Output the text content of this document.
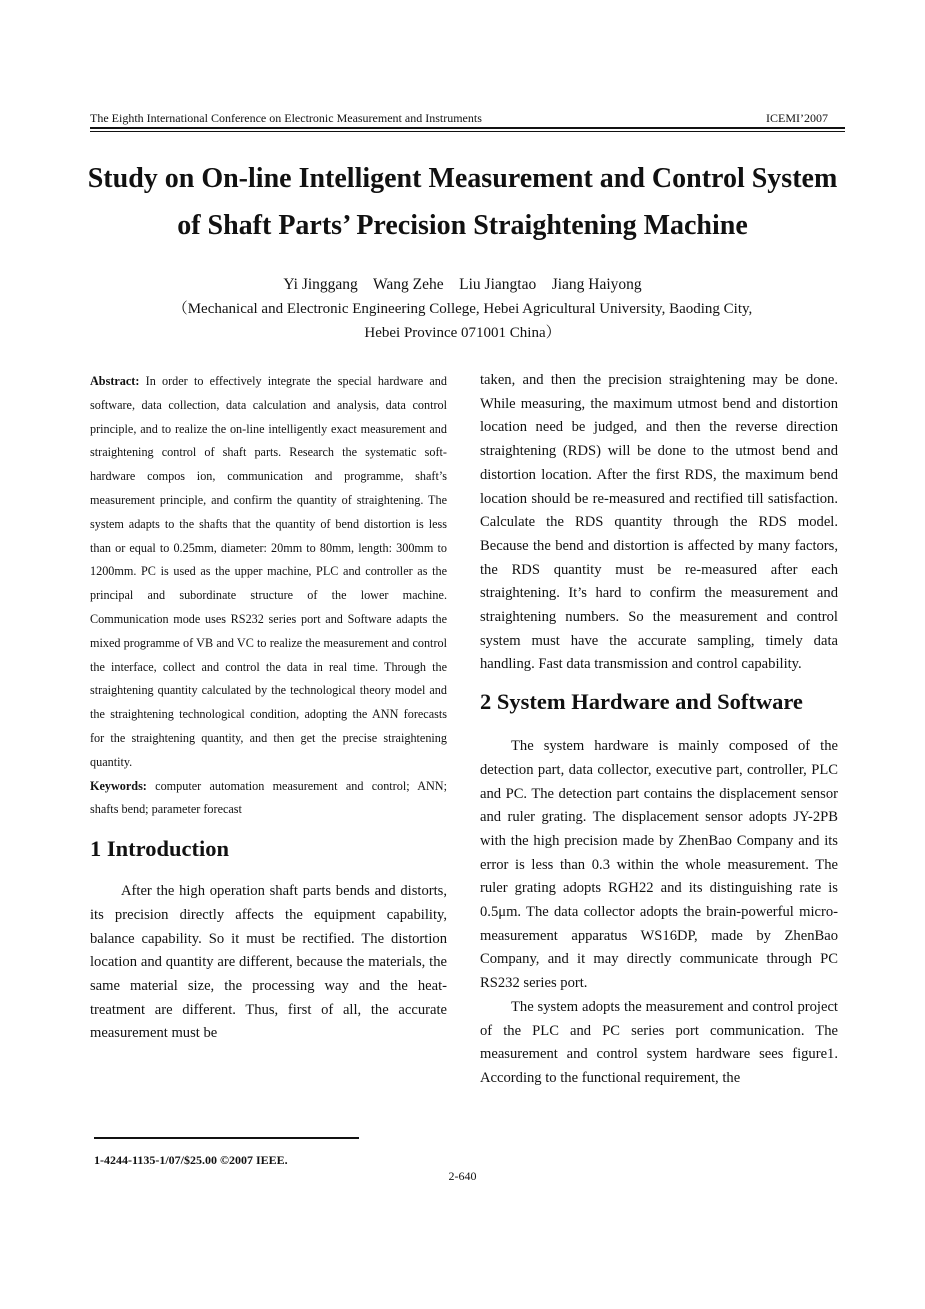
The Eighth International Conference on Electronic Measurement and Instruments	ICEMI’2007
Study on On-line Intelligent Measurement and Control System
of Shaft Parts’ Precision Straightening Machine
Yi Jinggang    Wang Zehe    Liu Jiangtao    Jiang Haiyong
（Mechanical and Electronic Engineering College, Hebei Agricultural University, Baoding City,
Hebei Province 071001 China）

Abstract: In order to effectively integrate the special hardware and software, data collection, data calculation and analysis, data control principle, and to realize the on-line intelligently exact measurement and straightening control of shaft parts. Research the systematic soft-hardware compos ion, communication and programme, shaft’s measurement principle, and confirm the quantity of straightening. The system adapts to the shafts that the quantity of bend distortion is less than or equal to 0.25mm, diameter: 20mm to 80mm, length: 300mm to 1200mm. PC is used as the upper machine, PLC and controller as the principal and subordinate structure of the lower machine. Communication mode uses RS232 series port and Software adapts the mixed programme of VB and VC to realize the measurement and control the interface, collect and control the data in real time. Through the straightening quantity calculated by the technological theory model and the straightening technological condition, adopting the ANN forecasts for the straightening quantity, and then get the precise straightening quantity.

Keywords: computer automation measurement and control; ANN; shafts bend; parameter forecast

1 Introduction

After the high operation shaft parts bends and distorts, its precision directly affects the equipment capability, balance capability. So it must be rectified. The distortion location and quantity are different, because the materials, the same material size, the processing way and the heat-treatment are different. Thus, first of all, the accurate measurement must be

taken, and then the precision straightening may be done. While measuring, the maximum utmost bend and distortion location need be judged, and then the reverse direction straightening (RDS) will be done to the utmost bend and distortion location. After the first RDS, the maximum bend location should be re-measured and rectified till satisfaction. Calculate the RDS quantity through the RDS model. Because the bend and distortion is affected by many factors, the RDS quantity must be re-measured after each straightening. It’s hard to confirm the measurement and straightening numbers. So the measurement and control system must have the accurate sampling, timely data handling. Fast data transmission and control capability.

2 System Hardware and Software

The system hardware is mainly composed of the detection part, data collector, executive part, controller, PLC and PC. The detection part contains the displacement sensor and ruler grating. The displacement sensor adopts JY-2PB with the high precision made by ZhenBao Company and its error is less than 0.3 within the whole measurement. The ruler grating adopts RGH22 and its distinguishing rate is 0.5μm. The data collector adopts the brain-powerful micro-measurement apparatus WS16DP, made by ZhenBao Company, and it may directly communicate through PC RS232 series port.

The system adopts the measurement and control project of the PLC and PC series port communication. The measurement and control system hardware sees figure1. According to the functional requirement, the

1-4244-1135-1/07/$25.00 ©2007 IEEE.
2-640
